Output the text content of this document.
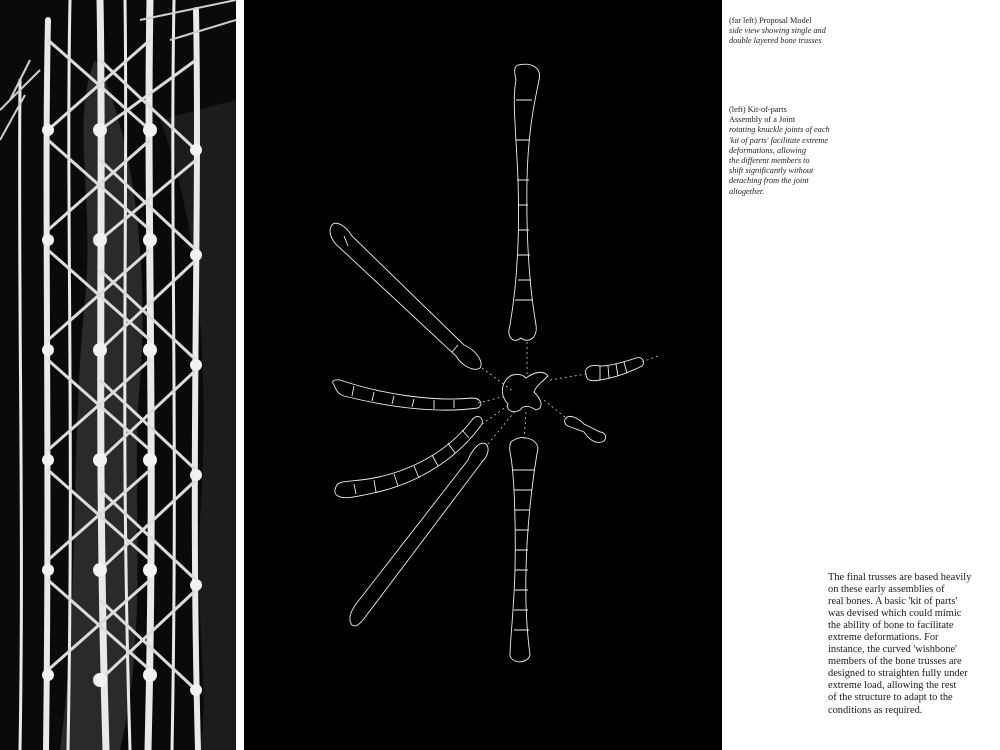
(far left) Proposal Model
side view showing single and
double layered bone trusses
(left) Kit-of-parts
Assembly of a Joint
rotating knuckle joints of each
'kit of parts' facilitate extreme
deformations, allowing
the different members to
shift significantly without
detaching from the joint
altogether.
The final trusses are based heavily
on these early assemblies of
real bones. A basic 'kit of parts'
was devised which could mimic
the ability of bone to facilitate
extreme deformations. For
instance, the curved 'wishbone'
members of the bone trusses are
designed to straighten fully under
extreme load, allowing the rest
of the structure to adapt to the
conditions as required.
